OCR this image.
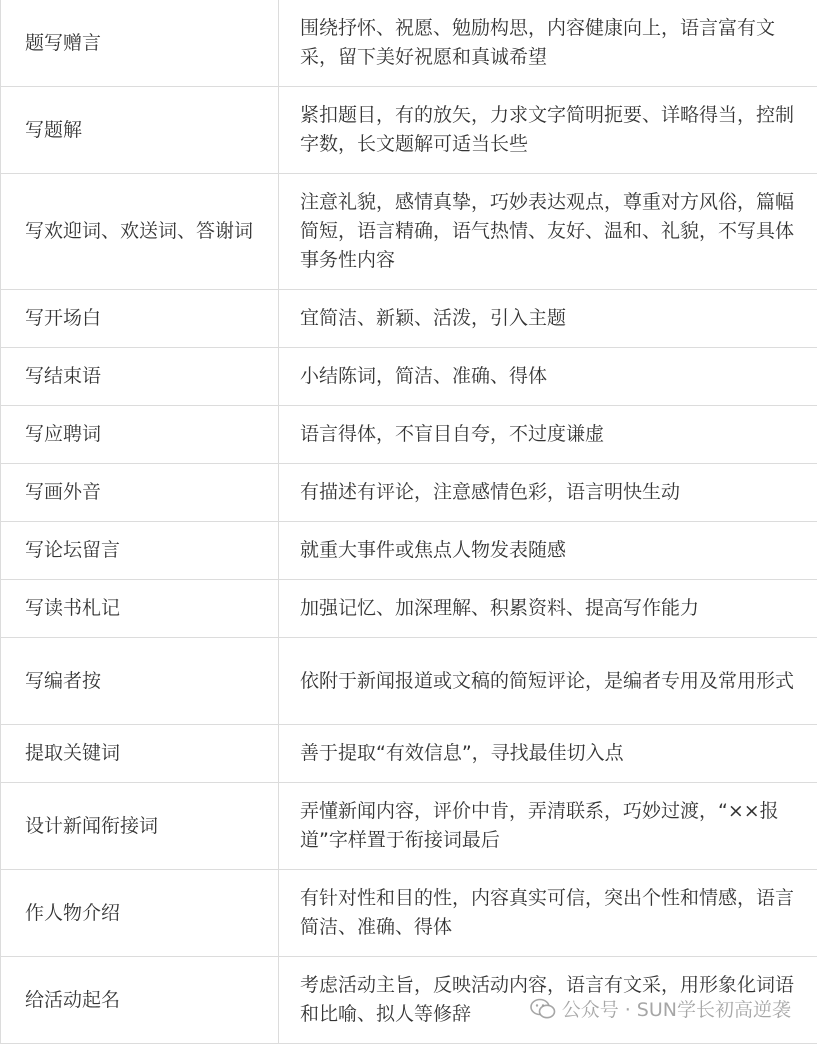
题写赠言	围绕抒怀、祝愿、勉励构思，内容健康向上，语言富有文采，留下美好祝愿和真诚希望
写题解	紧扣题目，有的放矢，力求文字简明扼要、详略得当，控制字数，长文题解可适当长些
写欢迎词、欢送词、答谢词	注意礼貌，感情真挚，巧妙表达观点，尊重对方风俗，篇幅简短，语言精确，语气热情、友好、温和、礼貌，不写具体事务性内容
写开场白	宜简洁、新颖、活泼，引入主题
写结束语	小结陈词，简洁、准确、得体
写应聘词	语言得体，不盲目自夸，不过度谦虚
写画外音	有描述有评论，注意感情色彩，语言明快生动
写论坛留言	就重大事件或焦点人物发表随感
写读书札记	加强记忆、加深理解、积累资料、提高写作能力
写编者按	依附于新闻报道或文稿的简短评论，是编者专用及常用形式
提取关键词	善于提取“有效信息”，寻找最佳切入点
设计新闻衔接词	弄懂新闻内容，评价中肯，弄清联系，巧妙过渡，“××报道”字样置于衔接词最后
作人物介绍	有针对性和目的性，内容真实可信，突出个性和情感，语言简洁、准确、得体
给活动起名	考虑活动主旨，反映活动内容，语言有文采，用形象化词语和比喻、拟人等修辞	公众号 · SUN学长初高逆袭
